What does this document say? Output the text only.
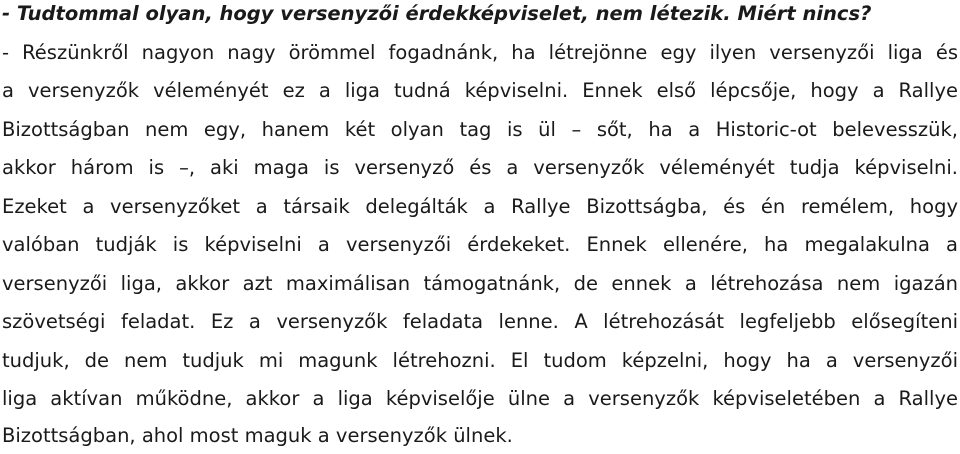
- Tudtommal olyan, hogy versenyzői érdekképviselet, nem létezik. Miért nincs?
- Részünkről nagyon nagy örömmel fogadnánk, ha létrejönne egy ilyen versenyzői liga és
a versenyzők véleményét ez a liga tudná képviselni. Ennek első lépcsője, hogy a Rallye
Bizottságban nem egy, hanem két olyan tag is ül – sőt, ha a Historic-ot belevesszük,
akkor három is –, aki maga is versenyző és a versenyzők véleményét tudja képviselni.
Ezeket a versenyzőket a társaik delegálták a Rallye Bizottságba, és én remélem, hogy
valóban tudják is képviselni a versenyzői érdekeket. Ennek ellenére, ha megalakulna a
versenyzői liga, akkor azt maximálisan támogatnánk, de ennek a létrehozása nem igazán
szövetségi feladat. Ez a versenyzők feladata lenne. A létrehozását legfeljebb elősegíteni
tudjuk, de nem tudjuk mi magunk létrehozni. El tudom képzelni, hogy ha a versenyzői
liga aktívan működne, akkor a liga képviselője ülne a versenyzők képviseletében a Rallye
Bizottságban, ahol most maguk a versenyzők ülnek.
